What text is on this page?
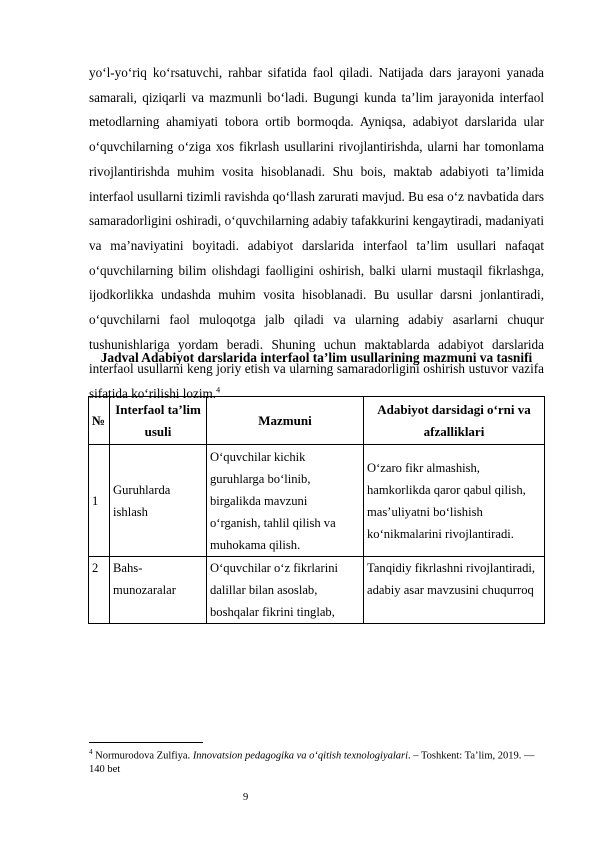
yo‘l-yo‘riq ko‘rsatuvchi, rahbar sifatida faol qiladi. Natijada dars jarayoni yanada samarali, qiziqarli va mazmunli bo‘ladi. Bugungi kunda ta’lim jarayonida interfaol metodlarning ahamiyati tobora ortib bormoqda. Ayniqsa, adabiyot darslarida ular o‘quvchilarning o‘ziga xos fikrlash usullarini rivojlantirishda, ularni har tomonlama rivojlantirishda muhim vosita hisoblanadi. Shu bois, maktab adabiyoti ta’limida interfaol usullarni tizimli ravishda qo‘llash zarurati mavjud. Bu esa o‘z navbatida dars samaradorligini oshiradi, o‘quvchilarning adabiy tafakkurini kengaytiradi, madaniyati va ma’naviyatini boyitadi. adabiyot darslarida interfaol ta’lim usullari nafaqat o‘quvchilarning bilim olishdagi faolligini oshirish, balki ularni mustaqil fikrlashga, ijodkorlikka undashda muhim vosita hisoblanadi. Bu usullar darsni jonlantiradi, o‘quvchilarni faol muloqotga jalb qiladi va ularning adabiy asarlarni chuqur tushunishlariga yordam beradi. Shuning uchun maktablarda adabiyot darslarida interfaol usullarni keng joriy etish va ularning samaradorligini oshirish ustuvor vazifa sifatida ko‘rilishi lozim.$^4$

Jadval Adabiyot darslarida interfaol ta’lim usullarining mazmuni va tasnifi

№	Interfaol ta’lim usuli	Mazmuni	Adabiyot darsidagi o‘rni va afzalliklari
1	Guruhlarda ishlash	O‘quvchilar kichik guruhlarga bo‘linib, birgalikda mavzuni o‘rganish, tahlil qilish va muhokama qilish.	O‘zaro fikr almashish, hamkorlikda qaror qabul qilish, mas’uliyatni bo‘lishish ko‘nikmalarini rivojlantiradi.
2	Bahs-munozaralar	O‘quvchilar o‘z fikrlarini dalillar bilan asoslab, boshqalar fikrini tinglab,	Tanqidiy fikrlashni rivojlantiradi, adabiy asar mavzusini chuqurroq

$^4$ Normurodova Zulfiya. Innovatsion pedagogika va o‘qitish texnologiyalari. – Toshkent: Ta’lim, 2019. — 140 bet

9
